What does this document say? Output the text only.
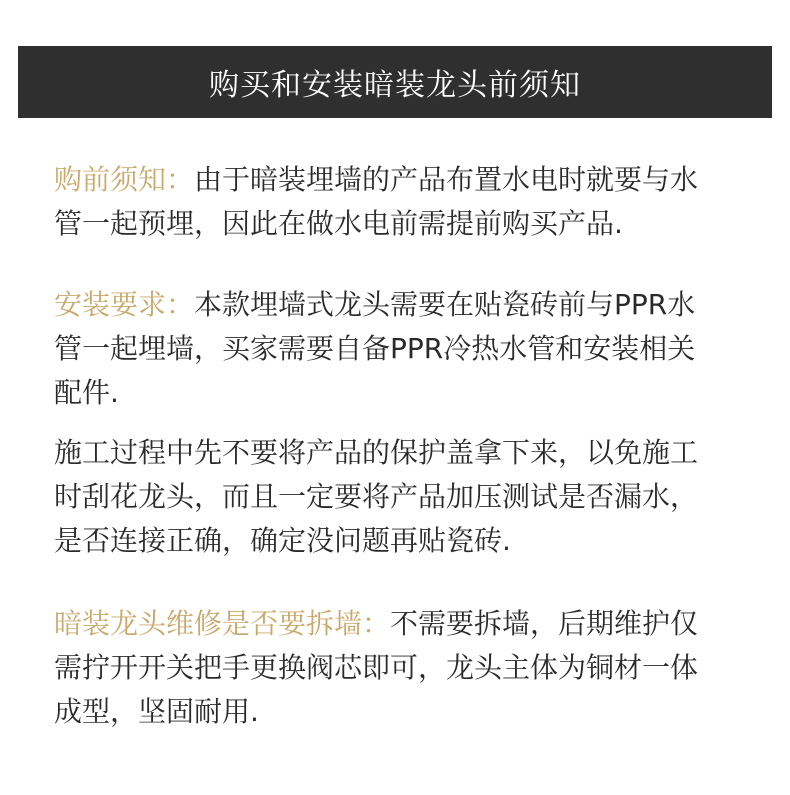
购买和安装暗装龙头前须知

购前须知：由于暗装埋墙的产品布置水电时就要与水
管一起预埋，因此在做水电前需提前购买产品.

安装要求：本款埋墙式龙头需要在贴瓷砖前与PPR水
管一起埋墙，买家需要自备PPR冷热水管和安装相关
配件.

施工过程中先不要将产品的保护盖拿下来，以免施工
时刮花龙头，而且一定要将产品加压测试是否漏水，
是否连接正确，确定没问题再贴瓷砖.

暗装龙头维修是否要拆墙：不需要拆墙，后期维护仅
需拧开开关把手更换阀芯即可，龙头主体为铜材一体
成型，坚固耐用.
